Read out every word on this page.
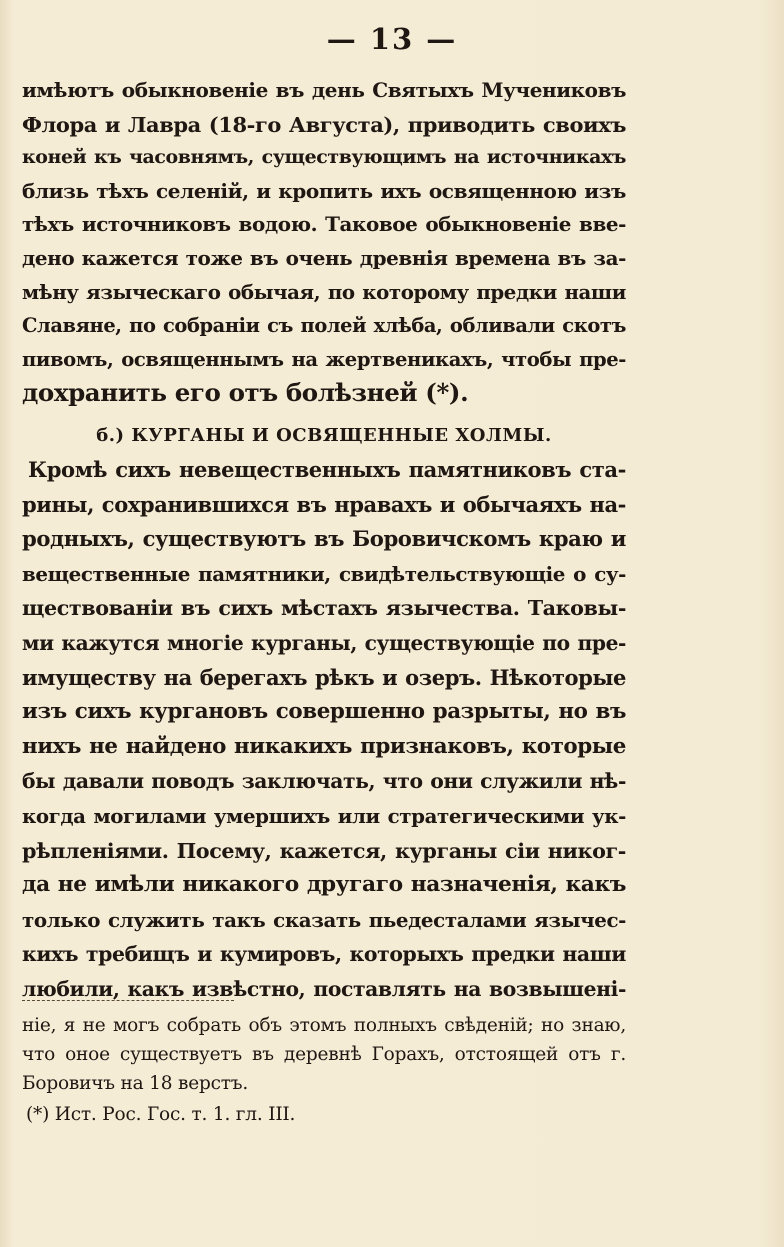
— 13 —
имѣютъ обыкновеніе въ день Святыхъ Мучениковъ
Флора и Лавра (18-го Августа), приводить своихъ
коней къ часовнямъ, существующимъ на источникахъ
близь тѣхъ селеній, и кропить ихъ освященною изъ
тѣхъ источниковъ водою. Таковое обыкновеніе вве-
дено кажется тоже въ очень древнія времена въ за-
мѣну языческаго обычая, по которому предки наши
Славяне, по собраніи съ полей хлѣба, обливали скотъ
пивомъ, освященнымъ на жертвеникахъ, чтобы пре-
дохранить его отъ болѣзней (*).
б.) КУРГАНЫ И ОСВЯЩЕННЫЕ ХОЛМЫ.
Кромѣ сихъ невещественныхъ памятниковъ ста-
рины, сохранившихся въ нравахъ и обычаяхъ на-
родныхъ, существуютъ въ Боровичскомъ краю и
вещественные памятники, свидѣтельствующіе о су-
ществованіи въ сихъ мѣстахъ язычества. Таковы-
ми кажутся многіе курганы, существующіе по пре-
имуществу на берегахъ рѣкъ и озеръ. Нѣкоторые
изъ сихъ кургановъ совершенно разрыты, но въ
нихъ не найдено никакихъ признаковъ, которые
бы давали поводъ заключать, что они служили нѣ-
когда могилами умершихъ или стратегическими ук-
рѣпленіями. Посему, кажется, курганы сіи никог-
да не имѣли никакого другаго назначенія, какъ
только служить такъ сказать пьедесталами язычес-
кихъ требищъ и кумировъ, которыхъ предки наши
любили, какъ извѣстно, поставлять на возвышені-
ніе, я не могъ собрать объ этомъ полныхъ свѣденій; но знаю,
что оное существуетъ въ деревнѣ Горахъ, отстоящей отъ г.
Боровичъ на 18 верстъ.
(*) Ист. Рос. Гос. т. 1. гл. III.
